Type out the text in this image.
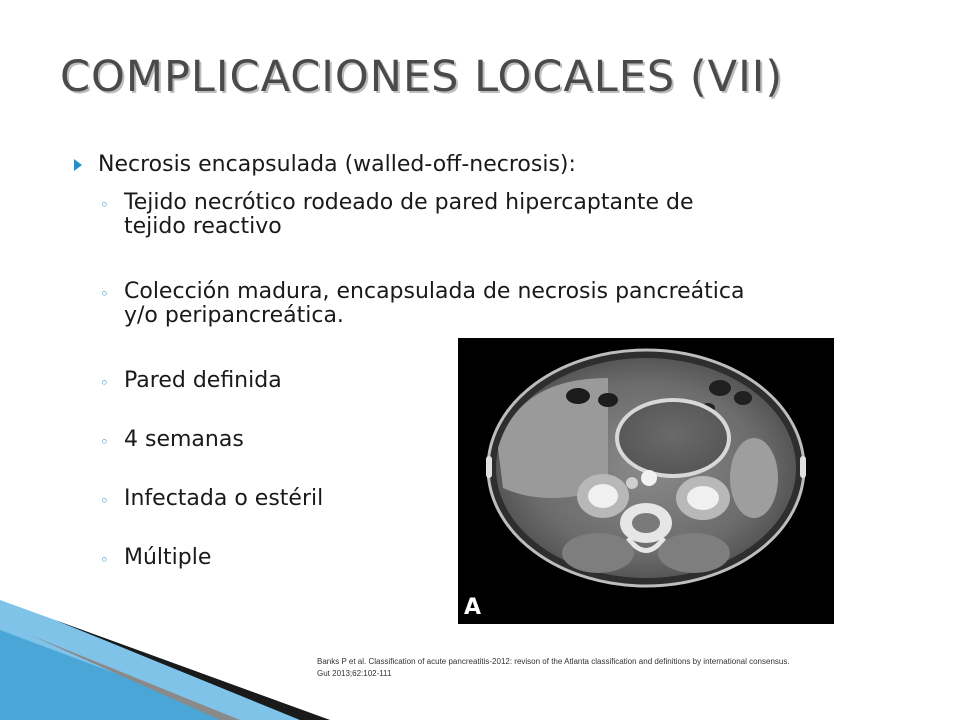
COMPLICACIONES LOCALES (VII)
Necrosis encapsulada (walled-off-necrosis):
◦ Tejido necrótico rodeado de pared hipercaptante de
tejido reactivo
◦ Colección madura, encapsulada de necrosis pancreática
y/o peripancreática.
◦ Pared definida
◦ 4 semanas
◦ Infectada o estéril
◦ Múltiple
A
Banks P et al. Classification of acute pancreatitis-2012: revison of the Atlanta classification and definitions by international consensus.
Gut 2013;62:102-111
